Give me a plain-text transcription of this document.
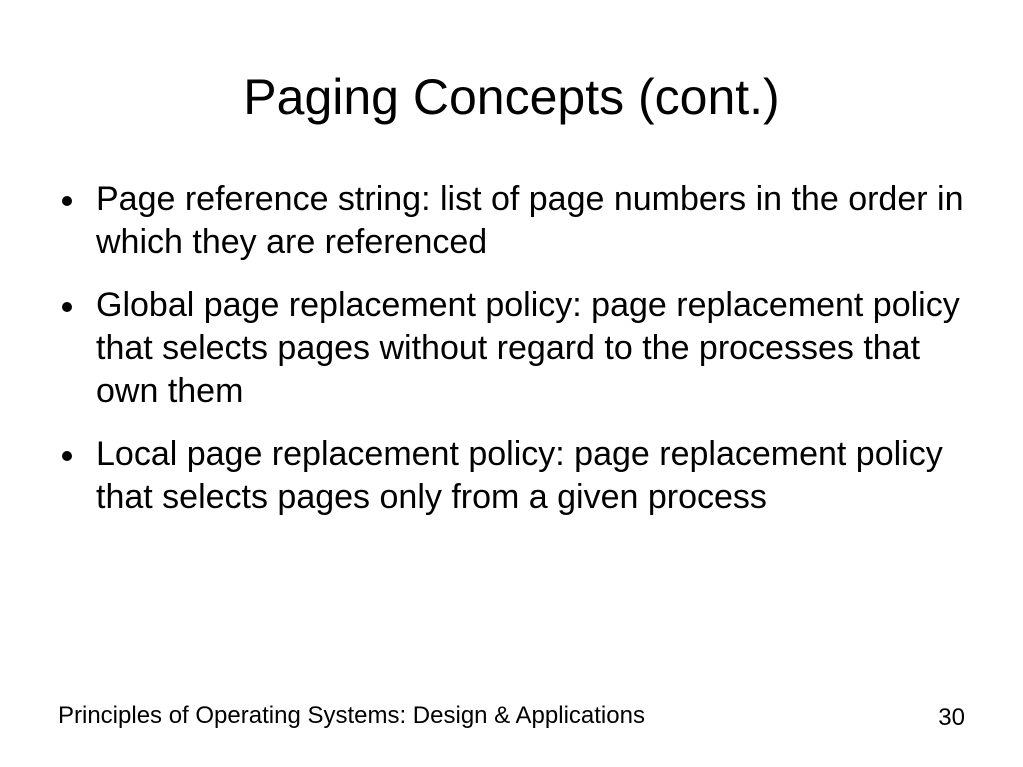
Paging Concepts (cont.)
Page reference string: list of page numbers in the order in which they are referenced
Global page replacement policy: page replacement policy that selects pages without regard to the processes that own them
Local page replacement policy: page replacement policy that selects pages only from a given process
Principles of Operating Systems: Design & Applications	30
